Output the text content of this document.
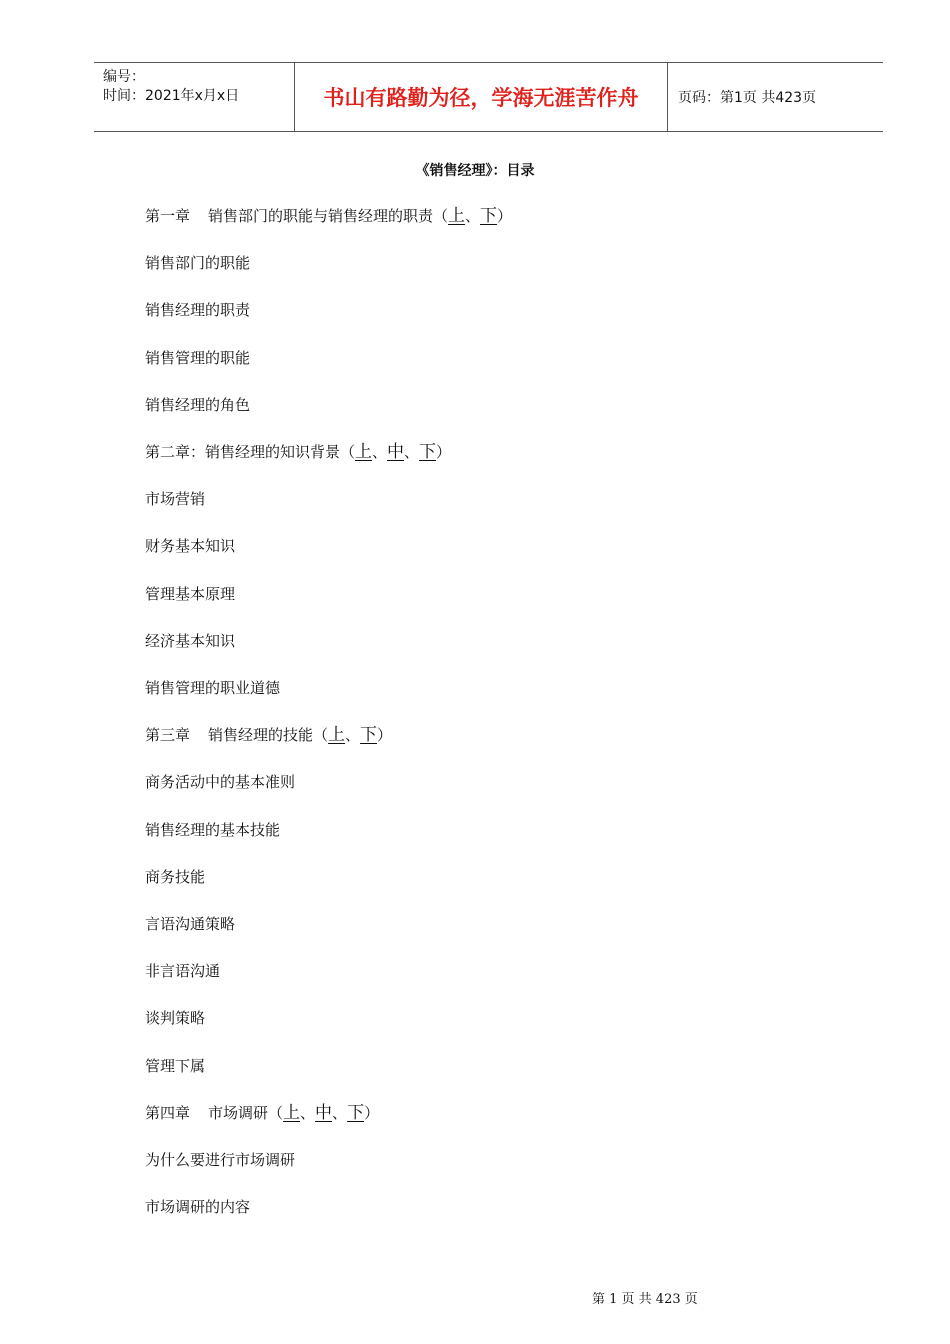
编号：
时间：2021年x月x日	书山有路勤为径，学海无涯苦作舟	页码：第1页 共423页
《销售经理》：目录
第一章 销售部门的职能与销售经理的职责（上、下）
销售部门的职能
销售经理的职责
销售管理的职能
销售经理的角色
第二章：销售经理的知识背景（上、中、下）
市场营销
财务基本知识
管理基本原理
经济基本知识
销售管理的职业道德
第三章 销售经理的技能（上、下）
商务活动中的基本准则
销售经理的基本技能
商务技能
言语沟通策略
非言语沟通
谈判策略
管理下属
第四章 市场调研（上、中、下）
为什么要进行市场调研
市场调研的内容
第 1 页 共 423 页
